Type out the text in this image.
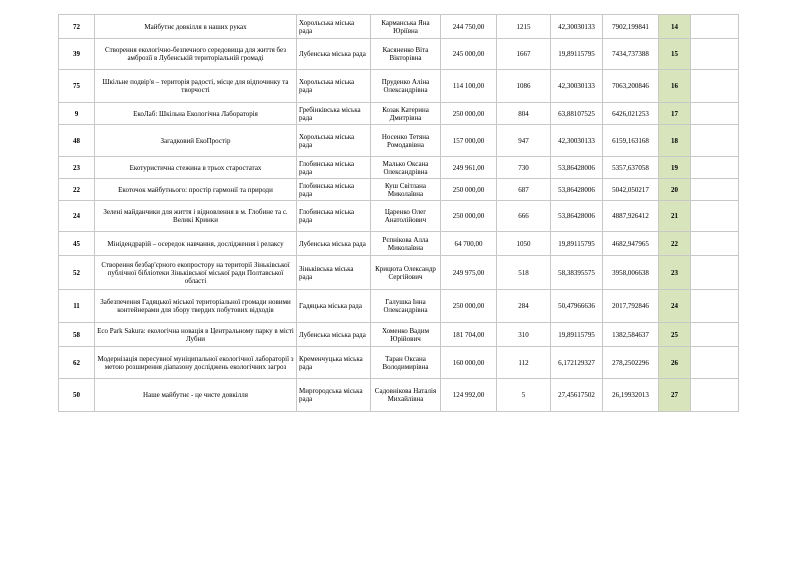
72	Майбутнє довкілля в наших руках	Хорольська міська рада	Карманська Яна Юріївна	244 750,00	1215	42,30030133	7902,199841	14	
39	Створення екологічно-безпечного середовища для життя без амброзії в Лубенській територіальній громаді	Лубенська міська рада	Касяненко Віта Вікторівна	245 000,00	1667	19,89115795	7434,737388	15	
75	Шкільне подвір'я – територія радості, місце для відпочинку та творчості	Хорольська міська рада	Пруденко Аліна Олександрівна	114 100,00	1086	42,30030133	7063,200846	16	
9	ЕкоЛаб: Шкільна Екологічна Лабораторія	Гребінківська міська рада	Козак Катерина Дмитрівна	250 000,00	804	63,88107525	6426,021253	17	
48	Загадковий ЕкоПростір	Хорольська міська рада	Носенко Тетяна Ромодавівна	157 000,00	947	42,30030133	6159,163168	18	
23	Екотуристична стежина в трьох старостатах	Глобинська міська рада	Малько Оксана Олександрівна	249 961,00	730	53,86428006	5357,637058	19	
22	Екоточок майбутнього: простір гармонії та природи	Глобинська міська рада	Куш Світлана Миколаївна	250 000,00	687	53,86428006	5042,050217	20	
24	Зелені майданчики для життя і відновлення в м. Глобине та с. Великі Кринки	Глобинська міська рада	Царенко Олег Анатолійович	250 000,00	666	53,86428006	4887,926412	21	
45	Мінідендрарій – осередок навчання, дослідження і релаксу	Лубенська міська рада	Рєпнікова Алла Миколаївна	64 700,00	1050	19,89115795	4682,947965	22	
52	Створення безбар'єрного екопростору на території Зіньківської публічної бібліотеки Зіньківської міської ради Полтавської області	Зіньківська міська рада	Крицюта Олександр Сергійович	249 975,00	518	58,38395575	3958,006638	23	
11	Забезпечення Гадяцької міської територіальної громади новими контейнерами для збору твердих побутових відходів	Гадяцька міська рада	Галушка Інна Олександрівна	250 000,00	284	50,47966636	2017,792846	24	
58	Eco Park Sakura: екологічна новація в Центральному парку в місті Лубни	Лубенська міська рада	Хоменко Вадим Юрійович	181 704,00	310	19,89115795	1382,584637	25	
62	Модернізація пересувної муніципальної екологічної лабораторії з метою розширення діапазону досліджень екологічних загроз	Кременчуцька міська рада	Таран Оксана Володимирівна	160 000,00	112	6,172129327	278,2502296	26	
50	Наше майбутнє - це чисте довкілля	Миргородська міська рада	Садовнікова Наталія Михайлівна	124 992,00	5	27,45617502	26,19932013	27	
